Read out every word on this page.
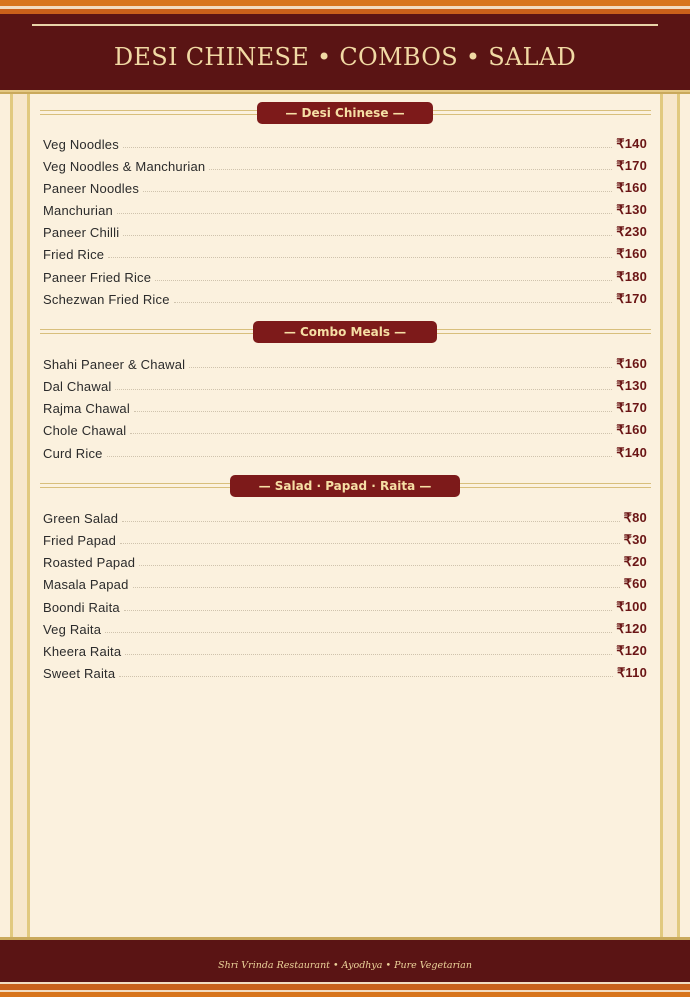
DESI CHINESE • COMBOS • SALAD
— Desi Chinese —
Veg Noodles	₹140
Veg Noodles & Manchurian	₹170
Paneer Noodles	₹160
Manchurian	₹130
Paneer Chilli	₹230
Fried Rice	₹160
Paneer Fried Rice	₹180
Schezwan Fried Rice	₹170
— Combo Meals —
Shahi Paneer & Chawal	₹160
Dal Chawal	₹130
Rajma Chawal	₹170
Chole Chawal	₹160
Curd Rice	₹140
— Salad · Papad · Raita —
Green Salad	₹80
Fried Papad	₹30
Roasted Papad	₹20
Masala Papad	₹60
Boondi Raita	₹100
Veg Raita	₹120
Kheera Raita	₹120
Sweet Raita	₹110
Shri Vrinda Restaurant • Ayodhya • Pure Vegetarian
